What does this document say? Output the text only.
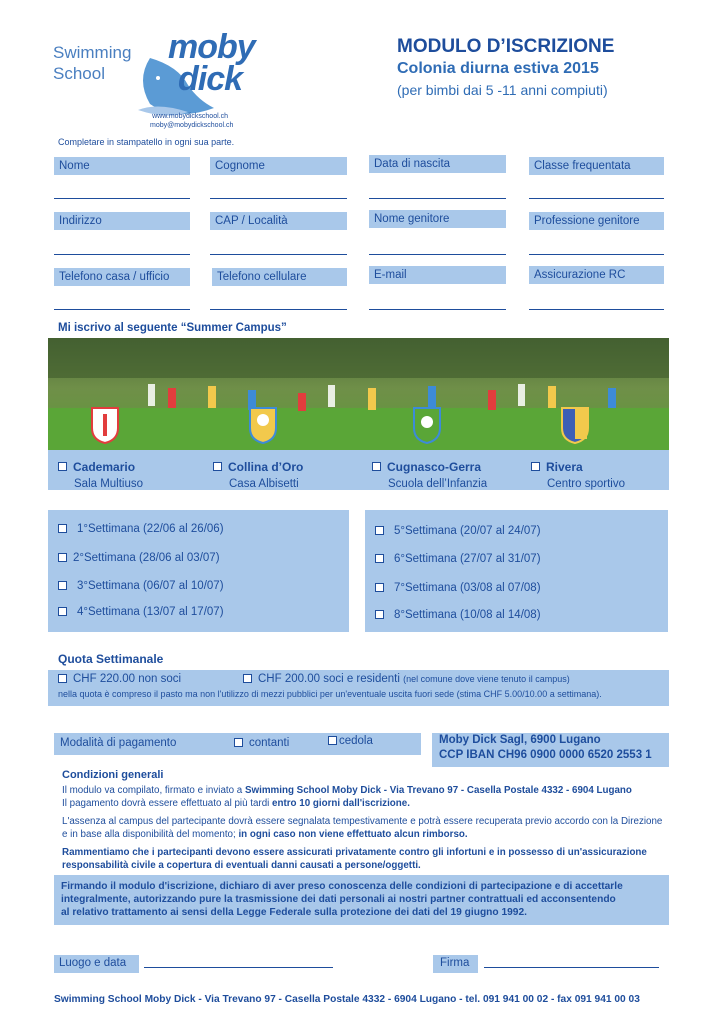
Swimming
School
moby
dick
www.mobydickschool.ch
moby@mobydickschool.ch
MODULO D’ISCRIZIONE
Colonia diurna estiva 2015
(per bimbi dai 5 -11 anni compiuti)
Completare in stampatello in ogni sua parte.
Nome	Cognome	Data di nascita	Classe frequentata
Indirizzo	CAP / Località	Nome genitore	Professione genitore
Telefono casa / ufficio	Telefono cellulare	E-mail	Assicurazione RC
Mi iscrivo al seguente “Summer Campus”
Cademario
Sala Multiuso
Collina d’Oro
Casa Albisetti
Cugnasco-Gerra
Scuola dell’Infanzia
Rivera
Centro sportivo
1°Settimana (22/06 al 26/06)
2°Settimana (28/06 al 03/07)
3°Settimana (06/07 al 10/07)
4°Settimana (13/07 al 17/07)
5°Settimana (20/07 al 24/07)
6°Settimana (27/07 al 31/07)
7°Settimana (03/08 al 07/08)
8°Settimana (10/08 al 14/08)
Quota Settimanale
CHF 220.00 non soci	CHF 200.00 soci e residenti (nel comune dove viene tenuto il campus)
nella quota è compreso il pasto ma non l'utilizzo di mezzi pubblici per un'eventuale uscita fuori sede (stima CHF 5.00/10.00 a settimana).
Modalità di pagamento	contanti	cedola	Moby Dick Sagl, 6900 Lugano
CCP IBAN CH96 0900 0000 6520 2553 1
Condizioni generali
Il modulo va compilato, firmato e inviato a Swimming School Moby Dick - Via Trevano 97 - Casella Postale 4332 - 6904 Lugano
Il pagamento dovrà essere effettuato al più tardi entro 10 giorni dall'iscrizione.
L'assenza al campus del partecipante dovrà essere segnalata tempestivamente e potrà essere recuperata previo accordo con la Direzione
e in base alla disponibilità del momento; in ogni caso non viene effettuato alcun rimborso.
Rammentiamo che i partecipanti devono essere assicurati privatamente contro gli infortuni e in possesso di un'assicurazione
responsabilità civile a copertura di eventuali danni causati a persone/oggetti.
Firmando il modulo d'iscrizione, dichiaro di aver preso conoscenza delle condizioni di partecipazione e di accettarle
integralmente, autorizzando pure la trasmissione dei dati personali ai nostri partner contrattuali ed acconsentendo
al relativo trattamento ai sensi della Legge Federale sulla protezione dei dati del 19 giugno 1992.
Luogo e data	Firma
Swimming School Moby Dick - Via Trevano 97 - Casella Postale 4332 - 6904 Lugano - tel. 091 941 00 02 - fax 091 941 00 03
